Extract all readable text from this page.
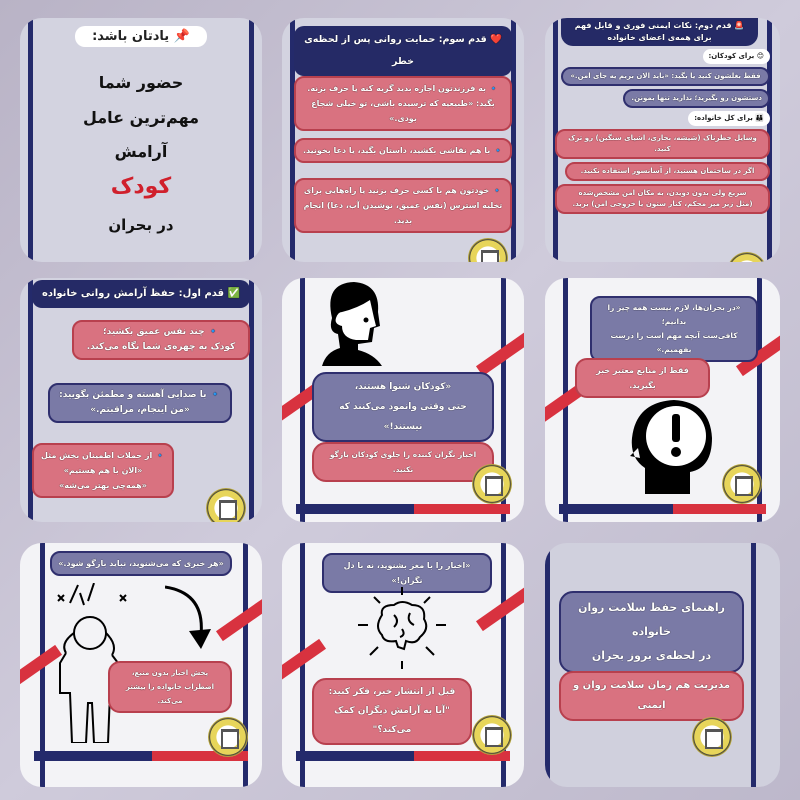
📌 یادتان باشد:
حضور شما
مهم‌ترین عامل
آرامش
کودک
در بحران
❤️ قدم سوم: حمایت روانی پس از لحظه‌ی خطر
🔹 به فرزندتون اجازه بدید گریه کنه یا حرف بزنه.
بگید: «طبیعیه که ترسیده باشی، تو خیلی شجاع بودی.»
🔹 با هم نقاشی بکشید، داستان بگید، یا دعا بخونید.
🔹 خودتون هم با کسی حرف بزنید یا راه‌هایی برای
تخلیه استرس (نفس عمیق، نوشیدن آب، دعا) انجام بدید.
🚨 قدم دوم: نکات ایمنی فوری و قابل فهم
برای همه‌ی اعضای خانواده
😊 برای کودکان:
فقط بغلشون کنید یا بگید: «باید الان بریم یه جای امن.»
دستشون رو بگیرید؛ نذارید تنها بمونن.
👪 برای کل خانواده:
وسایل خطرناک (شیشه، بخاری، اشیای سنگین) رو ترک کنید.
اگر در ساختمان هستید، از آسانسور استفاده نکنید.
سریع ولی بدون دویدن، به مکان امن مشخص‌شده
(مثل زیر میز محکم، کنار ستون یا خروجی امن) برید.
✅ قدم اول: حفظ آرامش روانی خانواده
🔹 چند نفس عمیق بکشید؛
کودک به چهره‌ی شما نگاه می‌کند.
🔹 با صدایی آهسته و مطمئن بگویید:
«من اینجام، مراقبتم.»
🔹 از جملات اطمینان بخش مثل
«الان با هم هستیم»
«همه‌چی بهتر می‌شه»
«کودکان شنوا هستند،
حتی وقتی وانمود می‌کنند که نیستند!»
اخبار نگران کننده را جلوی کودکان بازگو نکنید.
«در بحران‌ها، لازم نیست همه چیز را بدانیم؛
کافی‌ست آنچه مهم است را درست بفهمیم.»
فقط از منابع معتبر خبر بگیرید.
«هر خبری که می‌شنوید، نباید بازگو شود.»
پخش اخبار بدون منبع،
اضطراب خانواده را بیشتر می‌کند.
«اخبار را با مغز بشنوید، نه با دل نگران!»
قبل از انتشار خبر، فکر کنید:
"آیا به آرامش دیگران کمک می‌کند؟"
راهنمای حفظ سلامت روان خانواده
در لحظه‌ی بروز بحران
مدیریت هم زمان سلامت روان و ایمنی
